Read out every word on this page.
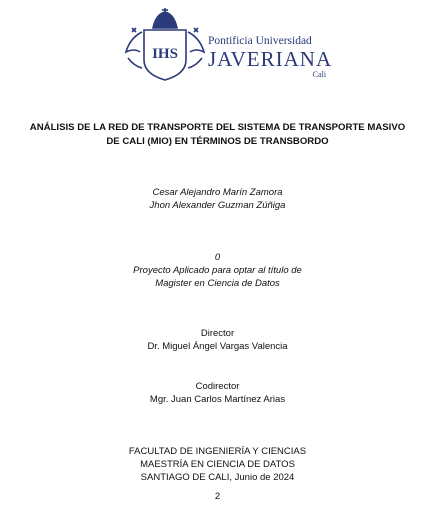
IHS
Pontificia Universidad
JAVERIANA
Cali
ANÁLISIS DE LA RED DE TRANSPORTE DEL SISTEMA DE TRANSPORTE MASIVO
DE CALI (MIO) EN TÉRMINOS DE TRANSBORDO
Cesar Alejandro Marín Zamora
Jhon Alexander Guzman Zúñiga
0
Proyecto Aplicado para optar al título de
Magister en Ciencia de Datos
Director
Dr. Miguel Ángel Vargas Valencia
Codirector
Mgr. Juan Carlos Martínez Arias
FACULTAD DE INGENIERÍA Y CIENCIAS
MAESTRÍA EN CIENCIA DE DATOS
SANTIAGO DE CALI, Junio de 2024
2
